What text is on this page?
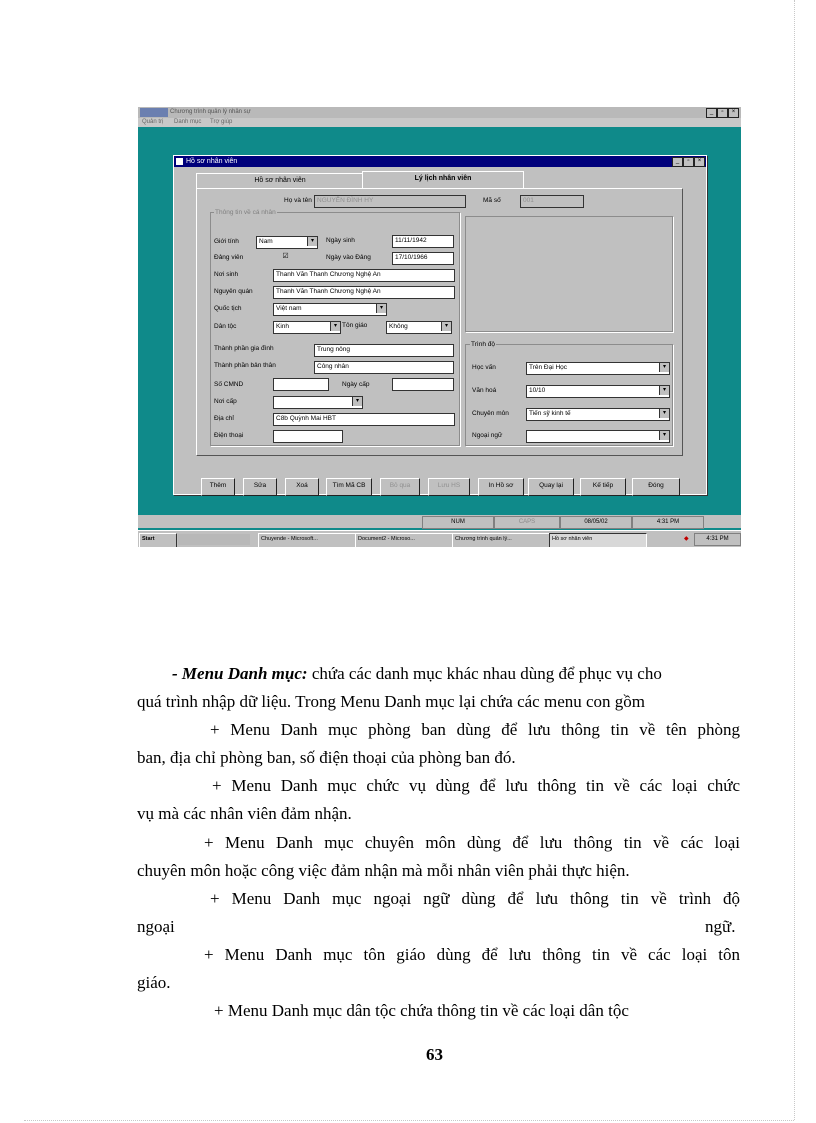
Chương trình quản lý nhân sự	_	▫	×
Quản trị Danh mục Trợ giúp
Hồ sơ nhân viên	_	▫	×
Hồ sơ nhân viên	Lý lịch nhân viên
Họ và tên NGUYỄN ĐÌNH HY	Mã số	001
Thông tin về cá nhân
Giới tính	Nam	▾	Ngày sinh	11/11/1942
Đảng viên	☑	Ngày vào Đảng	17/10/1966
Nơi sinh	Thanh Văn Thanh Chương Nghệ An
Nguyên quán	Thanh Văn Thanh Chương Nghệ An
Quốc tịch	Việt nam	▾
Dân tộc	Kinh	▾ Tôn giáo	Không	▾
Thành phần gia đình	Trung nông
Thành phần bản thân	Công nhân
Số CMND	Ngày cấp
Nơi cấp	▾
Địa chỉ	C8b Quỳnh Mai HBT
Điện thoại
Trình độ
Học vấn	Trên Đại Học	▾
Văn hoá	10/10	▾
Chuyên môn	Tiến sỹ kinh tế	▾
Ngoại ngữ	▾
Thêm	Sửa	Xoá	Tìm Mã CB	Bỏ qua	Lưu HS	In Hồ sơ	Quay lại	Kế tiếp	Đóng
NUM	CAPS	08/05/02	4:31 PM
Start	Chuyende - Microsoft...	Document2 - Microso...	Chương trình quản lý...	Hồ sơ nhân viên	◆	4:31 PM
- Menu Danh mục: chứa các danh mục khác nhau dùng để phục vụ cho
quá trình nhập dữ liệu. Trong Menu Danh mục lại chứa các menu con gồm
+ Menu Danh mục phòng ban dùng để lưu thông tin về tên phòng
ban, địa chỉ phòng ban, số điện thoại của phòng ban đó.
+ Menu Danh mục chức vụ dùng để lưu thông tin về các loại chức
vụ mà các nhân viên đảm nhận.
+ Menu Danh mục chuyên môn dùng để lưu thông tin về các loại
chuyên môn hoặc công việc đảm nhận mà mỗi nhân viên phải thực hiện.
+ Menu Danh mục ngoại ngữ dùng để lưu thông tin về trình độ
ngoại	ngữ.
+ Menu Danh mục tôn giáo dùng để lưu thông tin về các loại tôn
giáo.
+ Menu Danh mục dân tộc chứa thông tin về các loại dân tộc
63
